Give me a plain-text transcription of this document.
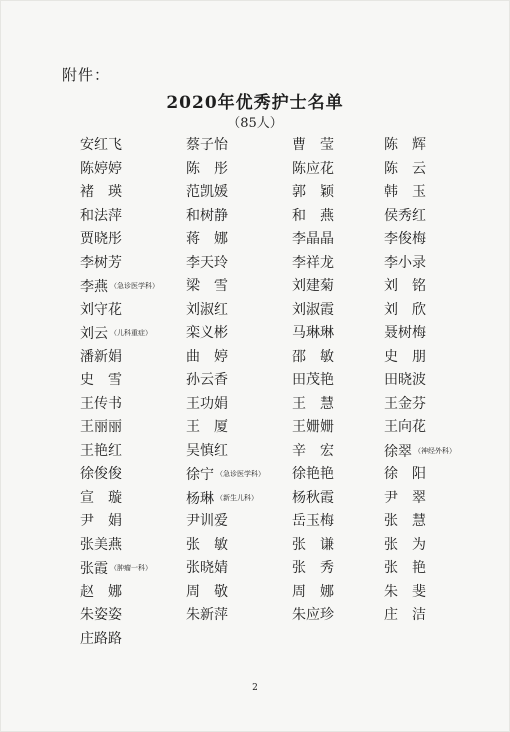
附件：
2020年优秀护士名单
（85人）
安红飞	蔡子怡	曹　莹	陈　辉
陈婷婷	陈　彤	陈应花	陈　云
褚　瑛	范凯媛	郭　颖	韩　玉
和法萍	和树静	和　燕	侯秀红
贾晓彤	蒋　娜	李晶晶	李俊梅
李树芳	李天玲	李祥龙	李小录
李燕 （急诊医学科）	梁　雪	刘建菊	刘　铭
刘守花	刘淑红	刘淑霞	刘　欣
刘云 （儿科重症）	栾义彬	马琳琳	聂树梅
潘新娟	曲　婷	邵　敏	史　朋
史　雪	孙云香	田茂艳	田晓波
王传书	王功娟	王　慧	王金芬
王丽丽	王　厦	王姗姗	王向花
王艳红	吴慎红	辛　宏	徐翠 （神经外科）
徐俊俊	徐宁 （急诊医学科）	徐艳艳	徐　阳
宣　璇	杨琳 （新生儿科）	杨秋霞	尹　翠
尹　娟	尹训爱	岳玉梅	张　慧
张美燕	张　敏	张　谦	张　为
张霞 （肿瘤一科）	张晓婧	张　秀	张　艳
赵　娜	周　敬	周　娜	朱　斐
朱姿姿	朱新萍	朱应珍	庄　洁
庄路路
2
